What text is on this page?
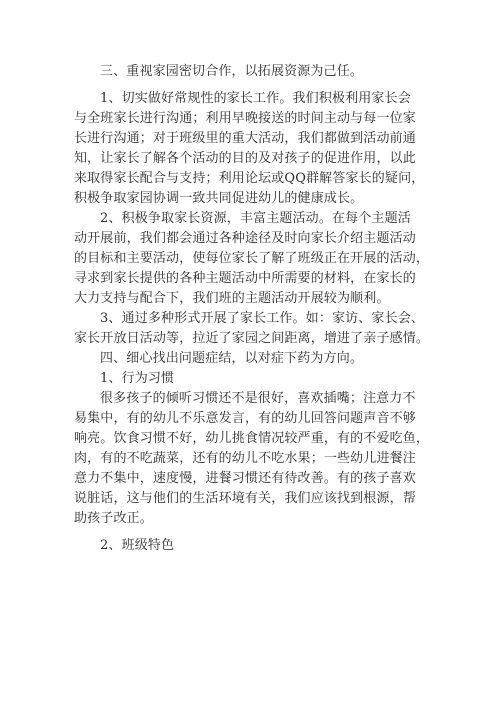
三、重视家园密切合作，以拓展资源为己任。
1、切实做好常规性的家长工作。我们积极利用家长会
与全班家长进行沟通；利用早晚接送的时间主动与每一位家
长进行沟通；对于班级里的重大活动，我们都做到活动前通
知，让家长了解各个活动的目的及对孩子的促进作用，以此
来取得家长配合与支持；利用论坛或QQ群解答家长的疑问，
积极争取家园协调一致共同促进幼儿的健康成长。
2、积极争取家长资源，丰富主题活动。在每个主题活
动开展前，我们都会通过各种途径及时向家长介绍主题活动
的目标和主要活动，使每位家长了解了班级正在开展的活动，
寻求到家长提供的各种主题活动中所需要的材料，在家长的
大力支持与配合下，我们班的主题活动开展较为顺利。
3、通过多种形式开展了家长工作。如：家访、家长会、
家长开放日活动等，拉近了家园之间距离，增进了亲子感情。
四、细心找出问题症结，以对症下药为方向。
1、行为习惯
很多孩子的倾听习惯还不是很好，喜欢插嘴；注意力不
易集中，有的幼儿不乐意发言，有的幼儿回答问题声音不够
响亮。饮食习惯不好，幼儿挑食情况较严重，有的不爱吃鱼，
肉，有的不吃蔬菜，还有的幼儿不吃水果；一些幼儿进餐注
意力不集中，速度慢，进餐习惯还有待改善。有的孩子喜欢
说脏话，这与他们的生活环境有关，我们应该找到根源，帮
助孩子改正。
2、班级特色
